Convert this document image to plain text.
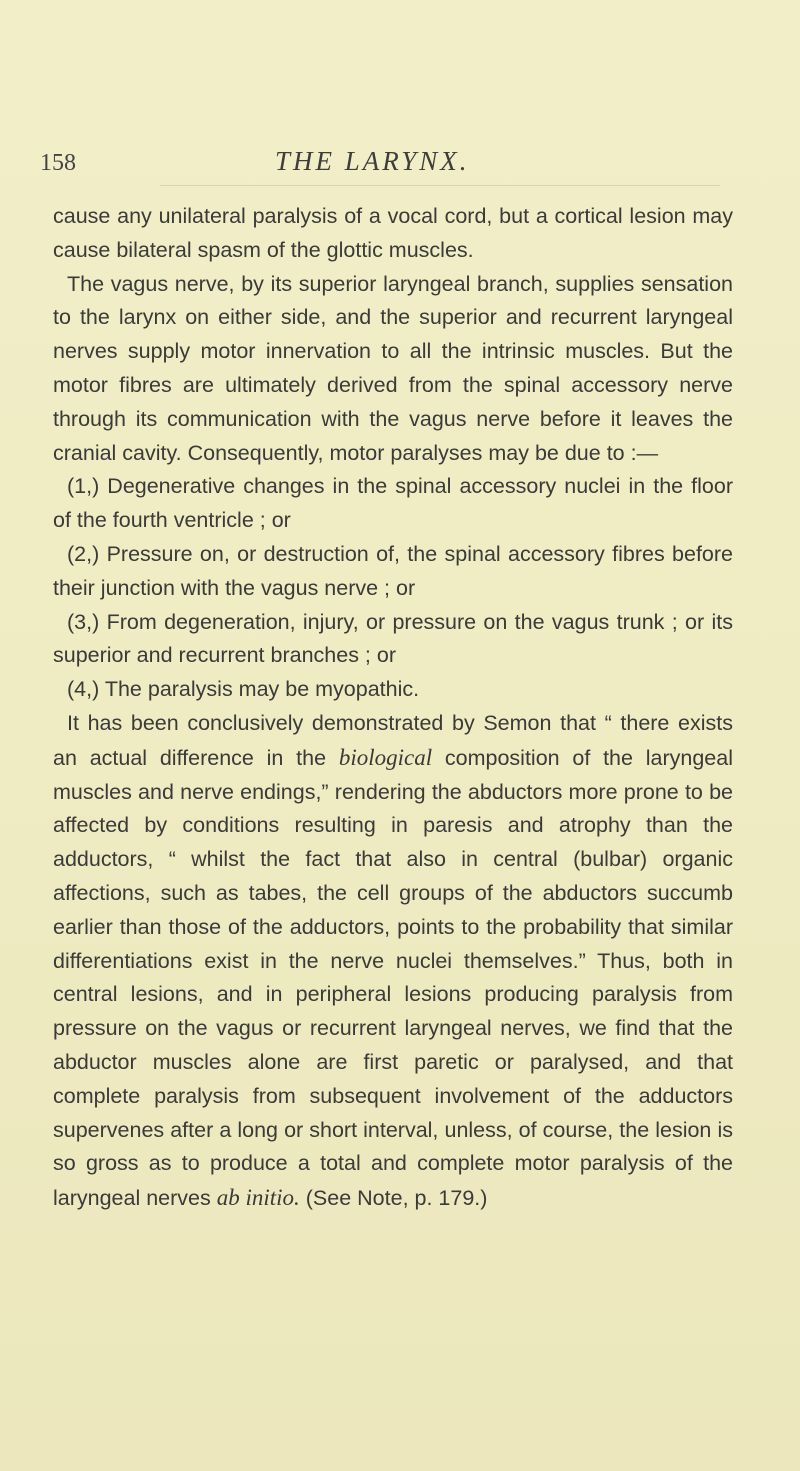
158	THE LARYNX.

cause any unilateral paralysis of a vocal cord, but a cortical lesion may cause bilateral spasm of the glottic muscles.

The vagus nerve, by its superior laryngeal branch, supplies sensation to the larynx on either side, and the superior and recurrent laryngeal nerves supply motor innervation to all the intrinsic muscles. But the motor fibres are ultimately derived from the spinal accessory nerve through its communication with the vagus nerve before it leaves the cranial cavity. Consequently, motor paralyses may be due to :—

(1,) Degenerative changes in the spinal accessory nuclei in the floor of the fourth ventricle ; or

(2,) Pressure on, or destruction of, the spinal accessory fibres before their junction with the vagus nerve ; or

(3,) From degeneration, injury, or pressure on the vagus trunk ; or its superior and recurrent branches ; or

(4,) The paralysis may be myopathic.

It has been conclusively demonstrated by Semon that “ there exists an actual difference in the biological composition of the laryngeal muscles and nerve endings,” rendering the abductors more prone to be affected by conditions resulting in paresis and atrophy than the adductors, “ whilst the fact that also in central (bulbar) organic affections, such as tabes, the cell groups of the abductors succumb earlier than those of the adductors, points to the probability that similar differentiations exist in the nerve nuclei themselves.” Thus, both in central lesions, and in peripheral lesions producing paralysis from pressure on the vagus or recurrent laryngeal nerves, we find that the abductor muscles alone are first paretic or paralysed, and that complete paralysis from subsequent involvement of the adductors supervenes after a long or short interval, unless, of course, the lesion is so gross as to produce a total and complete motor paralysis of the laryngeal nerves ab initio. (See Note, p. 179.)
